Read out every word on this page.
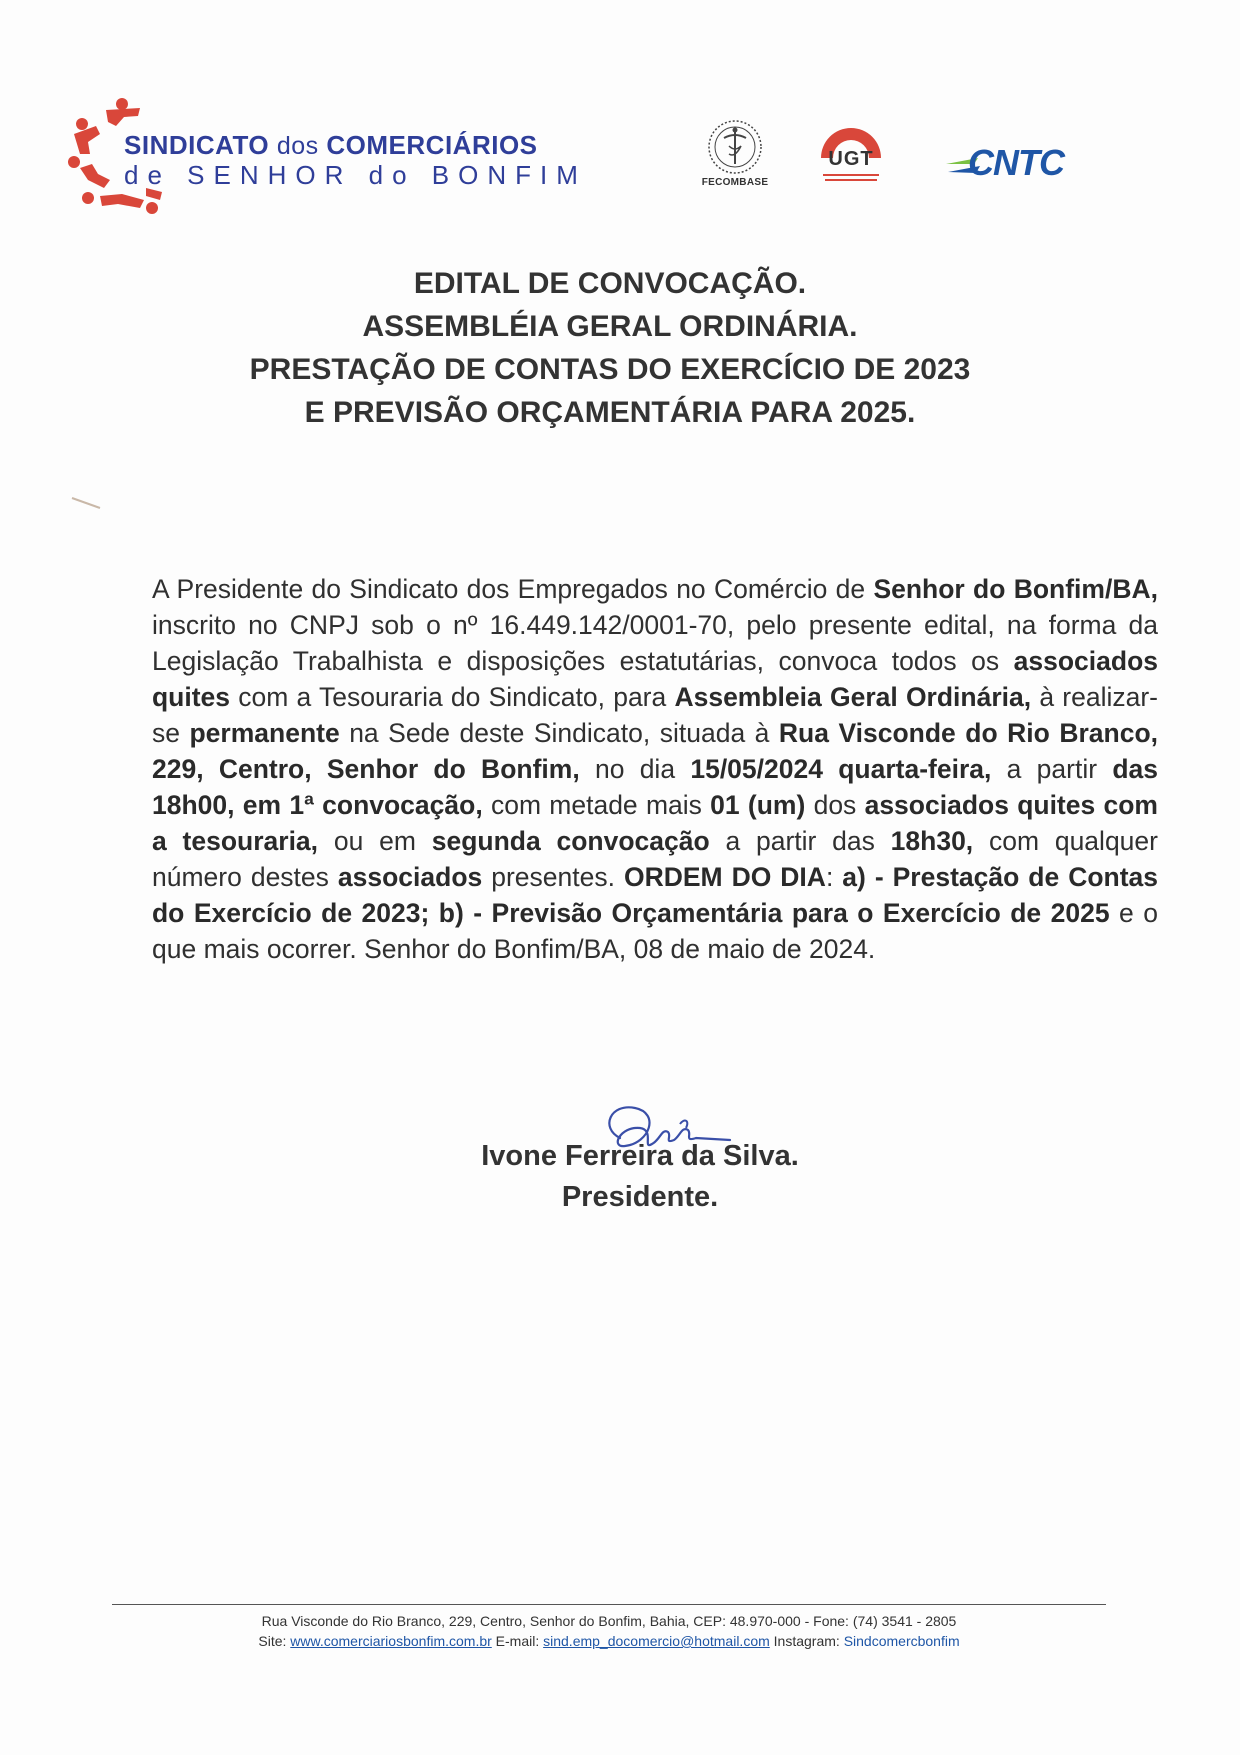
SINDICATO dos COMERCIÁRIOS
de SENHOR do BONFIM	FECOMBASE
UGT	CNTC
EDITAL DE CONVOCAÇÃO.
ASSEMBLÉIA GERAL ORDINÁRIA.
PRESTAÇÃO DE CONTAS DO EXERCÍCIO DE 2023
E PREVISÃO ORÇAMENTÁRIA PARA 2025.
A Presidente do Sindicato dos Empregados no Comércio de Senhor do Bonfim/BA, inscrito no CNPJ sob o nº 16.449.142/0001-70, pelo presente edital, na forma da Legislação Trabalhista e disposições estatutárias, convoca todos os associados quites com a Tesouraria do Sindicato, para Assembleia Geral Ordinária, à realizar-se permanente na Sede deste Sindicato, situada à Rua Visconde do Rio Branco, 229, Centro, Senhor do Bonfim, no dia 15/05/2024 quarta-feira, a partir das 18h00, em 1ª convocação, com metade mais 01 (um) dos associados quites com a tesouraria, ou em segunda convocação a partir das 18h30, com qualquer número destes associados presentes. ORDEM DO DIA: a) - Prestação de Contas do Exercício de 2023; b) - Previsão Orçamentária para o Exercício de 2025 e o que mais ocorrer. Senhor do Bonfim/BA, 08 de maio de 2024.
Ivone Ferreira da Silva.
Presidente.
Rua Visconde do Rio Branco, 229, Centro, Senhor do Bonfim, Bahia, CEP: 48.970-000 - Fone: (74) 3541 - 2805
Site: www.comerciariosbonfim.com.br E-mail: sind.emp_docomercio@hotmail.com Instagram: Sindcomercbonfim
